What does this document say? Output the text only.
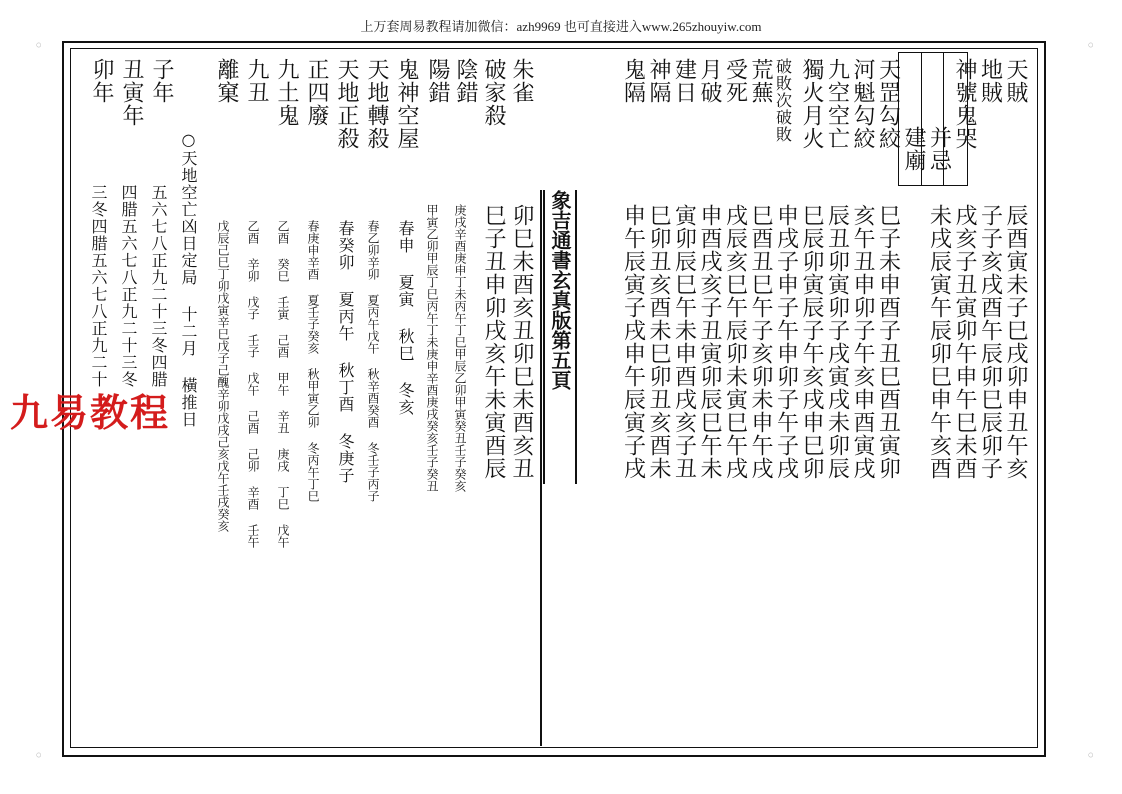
上万套周易教程请加微信：azh9969 也可直接进入www.265zhouyiw.com
象吉通書玄真版第五頁
天賊
辰酉寅未子巳戌卯申丑午亥
地賊
子子亥戌酉午辰卯巳辰卯子
神號鬼哭
戌亥子丑寅卯午申午巳未酉
并忌
未戌辰寅午辰卯巳申午亥酉
建廟
天罡勾絞
巳子未申酉子丑巳酉丑寅卯
河魁勾絞
亥午丑申卯子午亥申酉寅戌
九空空亡
辰丑卯寅卯子戌寅戌未卯辰
獨火月火
巳辰卯寅辰子午亥戌申巳卯
破敗次破敗
申戌子申子午申卯子午子戌
荒蕪
巳酉丑巳午子亥卯未申午戌
受死
戌辰亥巳午辰卯未寅巳午戌
月破
申酉戌亥子丑寅卯辰巳午未
建日
寅卯辰巳午未申酉戌亥子丑
神隔
巳卯丑亥酉未巳卯丑亥酉未
鬼隔
申午辰寅子戌申午辰寅子戌
朱雀
卯巳未酉亥丑卯巳未酉亥丑
破家殺
巳子丑申卯戌亥午未寅酉辰
陰錯
庚戌辛酉庚申丁未丙午丁巳甲辰乙卯甲寅癸丑壬子癸亥
陽錯
甲寅乙卯甲辰丁巳丙午丁未庚申辛酉庚戌癸亥壬子癸丑
鬼神空屋
春申 夏寅 秋巳 冬亥
天地轉殺
春乙卯辛卯 夏丙午戊午 秋辛酉癸酉 冬壬子丙子
天地正殺
春癸卯 夏丙午 秋丁酉 冬庚子
正四廢
春庚申辛酉 夏壬子癸亥 秋甲寅乙卯 冬丙午丁巳
九土鬼
乙酉 癸巳 壬寅 己酉 甲午 辛丑 庚戌 丁巳 戊午
九丑
乙酉 辛卯 戊子 壬子 戊午 己酉 己卯 辛酉 壬午
離窠
戊辰己巳丁卯戊寅辛巳戊子己醜辛卯戊戌己亥戊午壬戌癸亥
○天地空亡凶日定局 十二月 橫推日
子年
五六七八正九二十三冬四腊
丑寅年
四腊五六七八正九二十三冬
卯年
三冬四腊五六七八正九二十
九易教程
◦
◦
◦
◦
